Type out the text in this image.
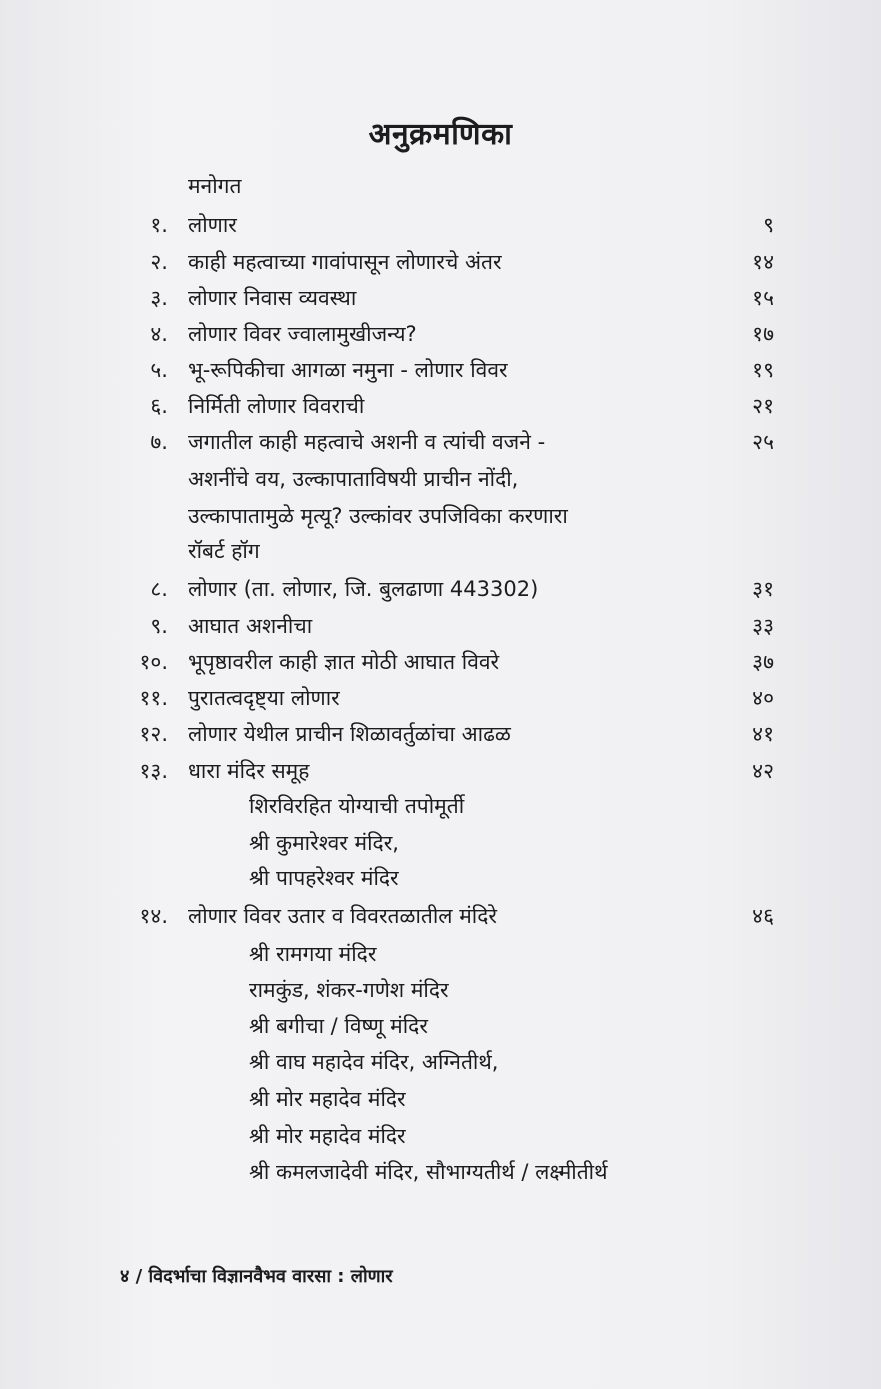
अनुक्रमणिका
मनोगत
१. लोणार	९
२. काही महत्वाच्या गावांपासून लोणारचे अंतर	१४
३. लोणार निवास व्यवस्था	१५
४. लोणार विवर ज्वालामुखीजन्य?	१७
५. भू-रूपिकीचा आगळा नमुना - लोणार विवर	१९
६. निर्मिती लोणार विवराची	२१
७. जगातील काही महत्वाचे अशनी व त्यांची वजने -	२५
अशनींचे वय, उल्कापाताविषयी प्राचीन नोंदी,
उल्कापातामुळे मृत्यू? उल्कांवर उपजिविका करणारा
रॉबर्ट हॉग
८. लोणार (ता. लोणार, जि. बुलढाणा 443302)	३१
९. आघात अशनीचा	३३
१०. भूपृष्ठावरील काही ज्ञात मोठी आघात विवरे	३७
११. पुरातत्वदृष्ट्या लोणार	४०
१२. लोणार येथील प्राचीन शिळावर्तुळांचा आढळ	४१
१३. धारा मंदिर समूह	४२
शिरविरहित योग्याची तपोमूर्ती
श्री कुमारेश्वर मंदिर,
श्री पापहरेश्वर मंदिर
१४. लोणार विवर उतार व विवरतळातील मंदिरे	४६
श्री रामगया मंदिर
रामकुंड, शंकर-गणेश मंदिर
श्री बगीचा / विष्णू मंदिर
श्री वाघ महादेव मंदिर, अग्नितीर्थ,
श्री मोर महादेव मंदिर
श्री मोर महादेव मंदिर
श्री कमलजादेवी मंदिर, सौभाग्यतीर्थ / लक्ष्मीतीर्थ
४ / विदर्भाचा विज्ञानवैभव वारसा : लोणार
